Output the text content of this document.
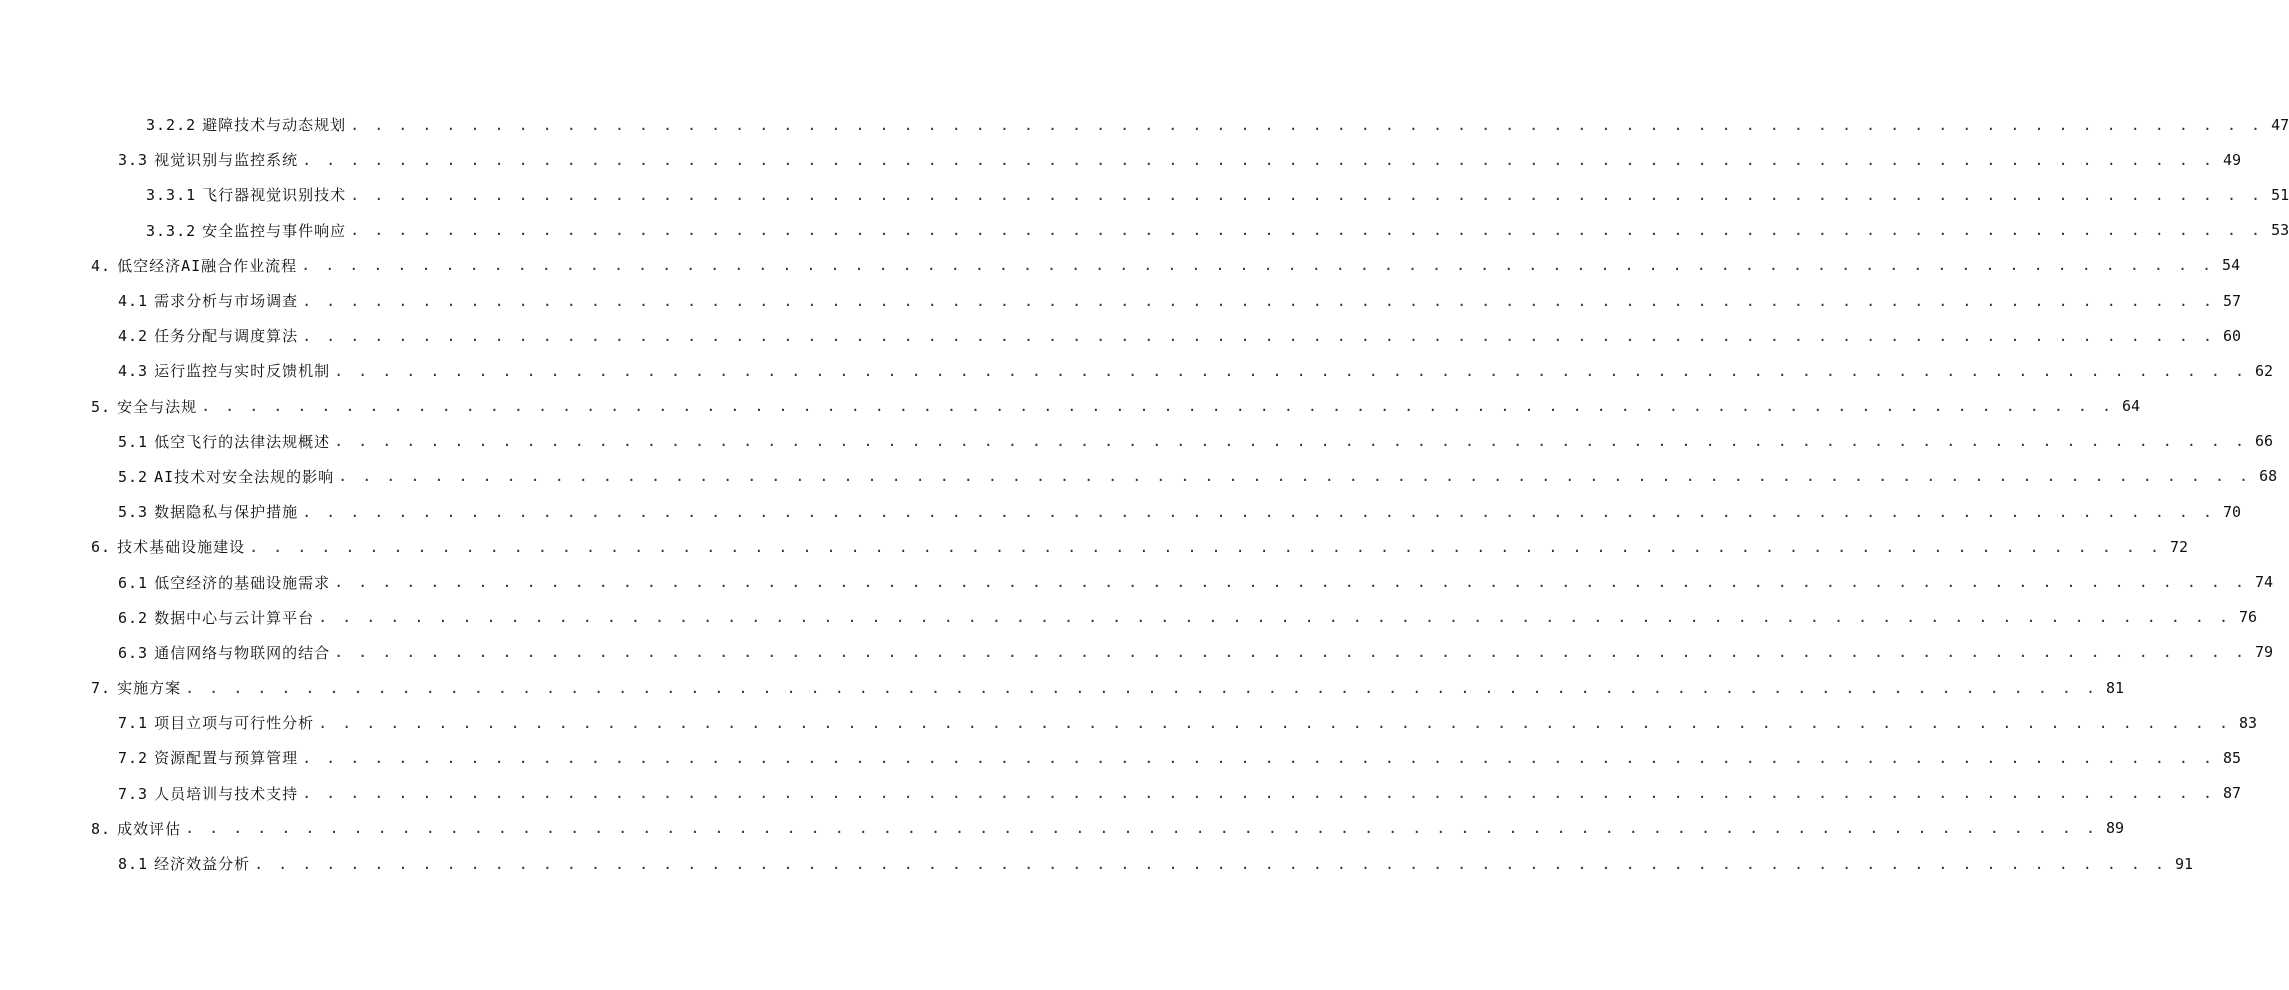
3.2.2 避障技术与动态规划 . . . . . . . . . . . . . . . . . . . . . . . . . . . . . . . . . . . . . . . . . . . . . . . . . . . . . . . . . . . . . . . . . . . . . . . . . . . . . . . . 47
3.3 视觉识别与监控系统 . . . . . . . . . . . . . . . . . . . . . . . . . . . . . . . . . . . . . . . . . . . . . . . . . . . . . . . . . . . . . . . . . . . . . . . . . . . . . . . . 49
3.3.1 飞行器视觉识别技术 . . . . . . . . . . . . . . . . . . . . . . . . . . . . . . . . . . . . . . . . . . . . . . . . . . . . . . . . . . . . . . . . . . . . . . . . . . . . . . . . 51
3.3.2 安全监控与事件响应 . . . . . . . . . . . . . . . . . . . . . . . . . . . . . . . . . . . . . . . . . . . . . . . . . . . . . . . . . . . . . . . . . . . . . . . . . . . . . . . . 53
4. 低空经济AI融合作业流程 . . . . . . . . . . . . . . . . . . . . . . . . . . . . . . . . . . . . . . . . . . . . . . . . . . . . . . . . . . . . . . . . . . . . . . . . . . . . . . . . 54
4.1 需求分析与市场调查 . . . . . . . . . . . . . . . . . . . . . . . . . . . . . . . . . . . . . . . . . . . . . . . . . . . . . . . . . . . . . . . . . . . . . . . . . . . . . . . . 57
4.2 任务分配与调度算法 . . . . . . . . . . . . . . . . . . . . . . . . . . . . . . . . . . . . . . . . . . . . . . . . . . . . . . . . . . . . . . . . . . . . . . . . . . . . . . . . 60
4.3 运行监控与实时反馈机制 . . . . . . . . . . . . . . . . . . . . . . . . . . . . . . . . . . . . . . . . . . . . . . . . . . . . . . . . . . . . . . . . . . . . . . . . . . . . . . . . 62
5. 安全与法规 . . . . . . . . . . . . . . . . . . . . . . . . . . . . . . . . . . . . . . . . . . . . . . . . . . . . . . . . . . . . . . . . . . . . . . . . . . . . . . . . 64
5.1 低空飞行的法律法规概述 . . . . . . . . . . . . . . . . . . . . . . . . . . . . . . . . . . . . . . . . . . . . . . . . . . . . . . . . . . . . . . . . . . . . . . . . . . . . . . . . 66
5.2 AI技术对安全法规的影响 . . . . . . . . . . . . . . . . . . . . . . . . . . . . . . . . . . . . . . . . . . . . . . . . . . . . . . . . . . . . . . . . . . . . . . . . . . . . . . . . 68
5.3 数据隐私与保护措施 . . . . . . . . . . . . . . . . . . . . . . . . . . . . . . . . . . . . . . . . . . . . . . . . . . . . . . . . . . . . . . . . . . . . . . . . . . . . . . . . 70
6. 技术基础设施建设 . . . . . . . . . . . . . . . . . . . . . . . . . . . . . . . . . . . . . . . . . . . . . . . . . . . . . . . . . . . . . . . . . . . . . . . . . . . . . . . . 72
6.1 低空经济的基础设施需求 . . . . . . . . . . . . . . . . . . . . . . . . . . . . . . . . . . . . . . . . . . . . . . . . . . . . . . . . . . . . . . . . . . . . . . . . . . . . . . . . 74
6.2 数据中心与云计算平台 . . . . . . . . . . . . . . . . . . . . . . . . . . . . . . . . . . . . . . . . . . . . . . . . . . . . . . . . . . . . . . . . . . . . . . . . . . . . . . . . 76
6.3 通信网络与物联网的结合 . . . . . . . . . . . . . . . . . . . . . . . . . . . . . . . . . . . . . . . . . . . . . . . . . . . . . . . . . . . . . . . . . . . . . . . . . . . . . . . . 79
7. 实施方案 . . . . . . . . . . . . . . . . . . . . . . . . . . . . . . . . . . . . . . . . . . . . . . . . . . . . . . . . . . . . . . . . . . . . . . . . . . . . . . . . 81
7.1 项目立项与可行性分析 . . . . . . . . . . . . . . . . . . . . . . . . . . . . . . . . . . . . . . . . . . . . . . . . . . . . . . . . . . . . . . . . . . . . . . . . . . . . . . . . 83
7.2 资源配置与预算管理 . . . . . . . . . . . . . . . . . . . . . . . . . . . . . . . . . . . . . . . . . . . . . . . . . . . . . . . . . . . . . . . . . . . . . . . . . . . . . . . . 85
7.3 人员培训与技术支持 . . . . . . . . . . . . . . . . . . . . . . . . . . . . . . . . . . . . . . . . . . . . . . . . . . . . . . . . . . . . . . . . . . . . . . . . . . . . . . . . 87
8. 成效评估 . . . . . . . . . . . . . . . . . . . . . . . . . . . . . . . . . . . . . . . . . . . . . . . . . . . . . . . . . . . . . . . . . . . . . . . . . . . . . . . . 89
8.1 经济效益分析 . . . . . . . . . . . . . . . . . . . . . . . . . . . . . . . . . . . . . . . . . . . . . . . . . . . . . . . . . . . . . . . . . . . . . . . . . . . . . . . . 91
